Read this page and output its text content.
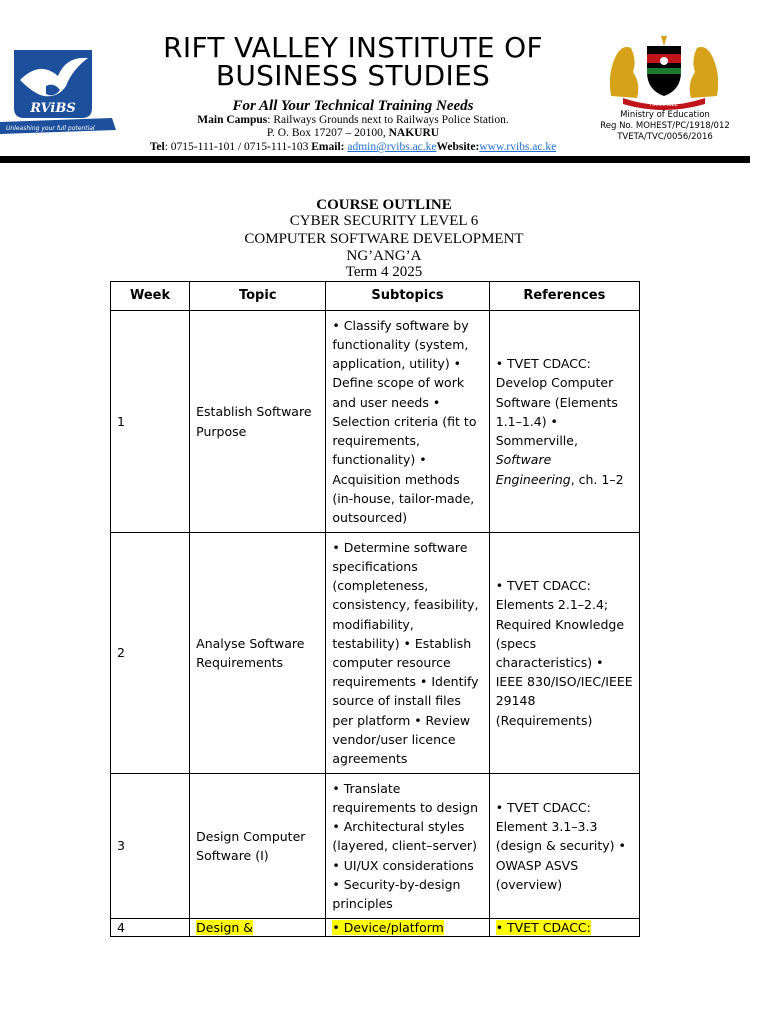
RViBS
Unleashing your full potential
RIFT VALLEY INSTITUTE OF
BUSINESS STUDIES
For All Your Technical Training Needs
Main Campus: Railways Grounds next to Railways Police Station.
P. O. Box 17207 – 20100, NAKURU
Tel: 0715-111-101 / 0715-111-103 Email: admin@rvibs.ac.keWebsite:www.rvibs.ac.ke
HARAMBEE
Ministry of Education
Reg No. MOHEST/PC/1918/012
TVETA/TVC/0056/2016
COURSE OUTLINE
CYBER SECURITY LEVEL 6
COMPUTER SOFTWARE DEVELOPMENT
NG’ANG’A
Term 4 2025
Week	Topic	Subtopics	References
1	Establish Software Purpose	• Classify software by functionality (system, application, utility) • Define scope of work and user needs • Selection criteria (fit to requirements, functionality) • Acquisition methods (in-house, tailor-made, outsourced)	• TVET CDACC: Develop Computer Software (Elements 1.1–1.4) • Sommerville, Software Engineering, ch. 1–2
2	Analyse Software Requirements	• Determine software specifications (completeness, consistency, feasibility, modifiability, testability) • Establish computer resource requirements • Identify source of install files per platform • Review vendor/user licence agreements	• TVET CDACC: Elements 2.1–2.4; Required Knowledge (specs characteristics) • IEEE 830/ISO/IEC/IEEE 29148 (Requirements)
3	Design Computer Software (I)	• Translate requirements to design • Architectural styles (layered, client–server) • UI/UX considerations • Security-by-design principles	• TVET CDACC: Element 3.1–3.3 (design & security) • OWASP ASVS (overview)
4	Design &	• Device/platform	• TVET CDACC:
